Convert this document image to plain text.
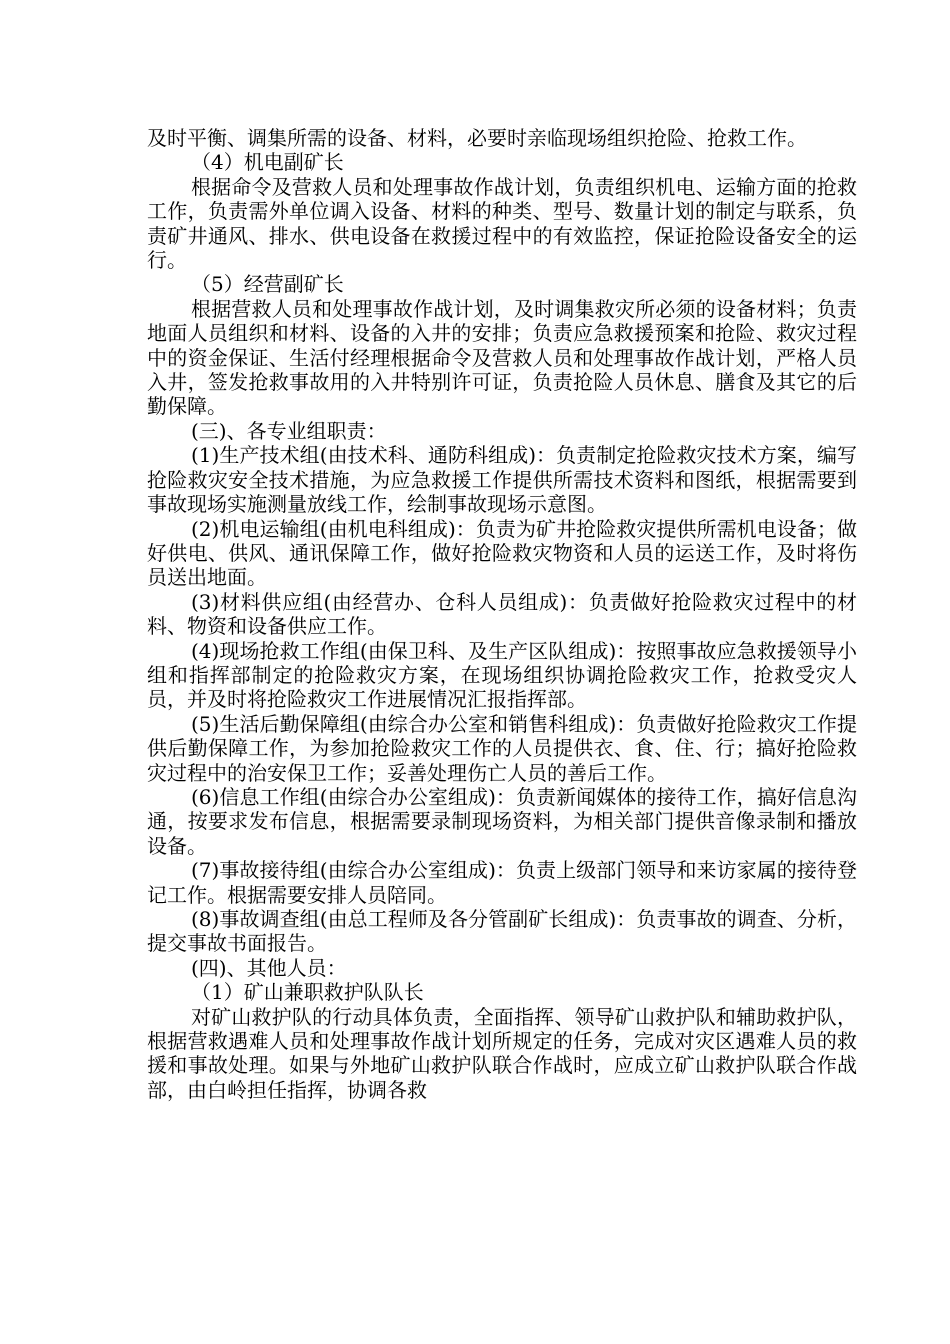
及时平衡、调集所需的设备、材料，必要时亲临现场组织抢险、抢救工作。

（4）机电副矿长

根据命令及营救人员和处理事故作战计划，负责组织机电、运输方面的抢救工作，负责需外单位调入设备、材料的种类、型号、数量计划的制定与联系，负责矿井通风、排水、供电设备在救援过程中的有效监控，保证抢险设备安全的运行。

（5）经营副矿长

根据营救人员和处理事故作战计划，及时调集救灾所必须的设备材料；负责地面人员组织和材料、设备的入井的安排；负责应急救援预案和抢险、救灾过程中的资金保证、生活付经理根据命令及营救人员和处理事故作战计划，严格人员入井，签发抢救事故用的入井特别许可证，负责抢险人员休息、膳食及其它的后勤保障。

(三)、各专业组职责：

(1)生产技术组(由技术科、通防科组成)：负责制定抢险救灾技术方案，编写抢险救灾安全技术措施，为应急救援工作提供所需技术资料和图纸，根据需要到事故现场实施测量放线工作，绘制事故现场示意图。

(2)机电运输组(由机电科组成)：负责为矿井抢险救灾提供所需机电设备；做好供电、供风、通讯保障工作，做好抢险救灾物资和人员的运送工作，及时将伤员送出地面。

(3)材料供应组(由经营办、仓科人员组成)：负责做好抢险救灾过程中的材料、物资和设备供应工作。

(4)现场抢救工作组(由保卫科、及生产区队组成)：按照事故应急救援领导小组和指挥部制定的抢险救灾方案，在现场组织协调抢险救灾工作，抢救受灾人员，并及时将抢险救灾工作进展情况汇报指挥部。

(5)生活后勤保障组(由综合办公室和销售科组成)：负责做好抢险救灾工作提供后勤保障工作，为参加抢险救灾工作的人员提供衣、食、住、行；搞好抢险救灾过程中的治安保卫工作；妥善处理伤亡人员的善后工作。

(6)信息工作组(由综合办公室组成)：负责新闻媒体的接待工作，搞好信息沟通，按要求发布信息，根据需要录制现场资料，为相关部门提供音像录制和播放设备。

(7)事故接待组(由综合办公室组成)：负责上级部门领导和来访家属的接待登记工作。根据需要安排人员陪同。

(8)事故调查组(由总工程师及各分管副矿长组成)：负责事故的调查、分析，提交事故书面报告。

(四)、其他人员：

（1）矿山兼职救护队队长

对矿山救护队的行动具体负责，全面指挥、领导矿山救护队和辅助救护队，根据营救遇难人员和处理事故作战计划所规定的任务，完成对灾区遇难人员的救援和事故处理。如果与外地矿山救护队联合作战时，应成立矿山救护队联合作战部，由白岭担任指挥，协调各救
